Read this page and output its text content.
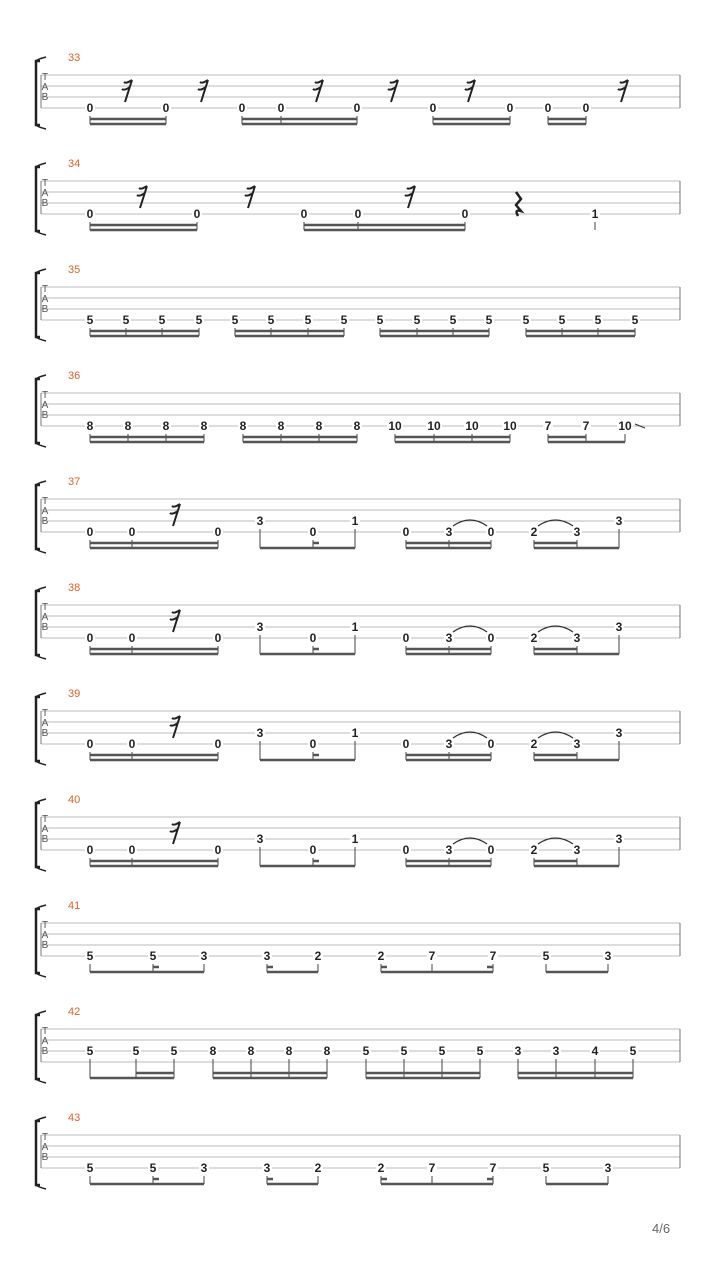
T
A
B
33
0	0	0	0	0	0	0	0	0
T
A
B
34
0	0	0	0	0	1
T
A
B
35
5 5 5	5 5 5	5 5 5	5 5 5	5 5 5	5
T
A
B
36
8	8	8	8	8	8	8	8 10 10 10 10 7	7 10
T
A
B
37
0	0	0
3
0
1
0	3	0	2	3
3
T
A
B
38
0	0	0
3
0
1
0	3	0	2	3
3
T
A
B
39
0	0	0
3
0
1
0	3	0	2	3
3
T
A
B
40
0	0	0
3
0
1
0	3	0	2	3
3
T
A
B
41
5	5	3	3	2	2	7	7	5	3
T
A
B
42
5	5	5	8	8	8	8	5	5	5	5	3	3	4	5
T
A
B
43
5	5	3	3	2	2	7	7	5	3
4/6
